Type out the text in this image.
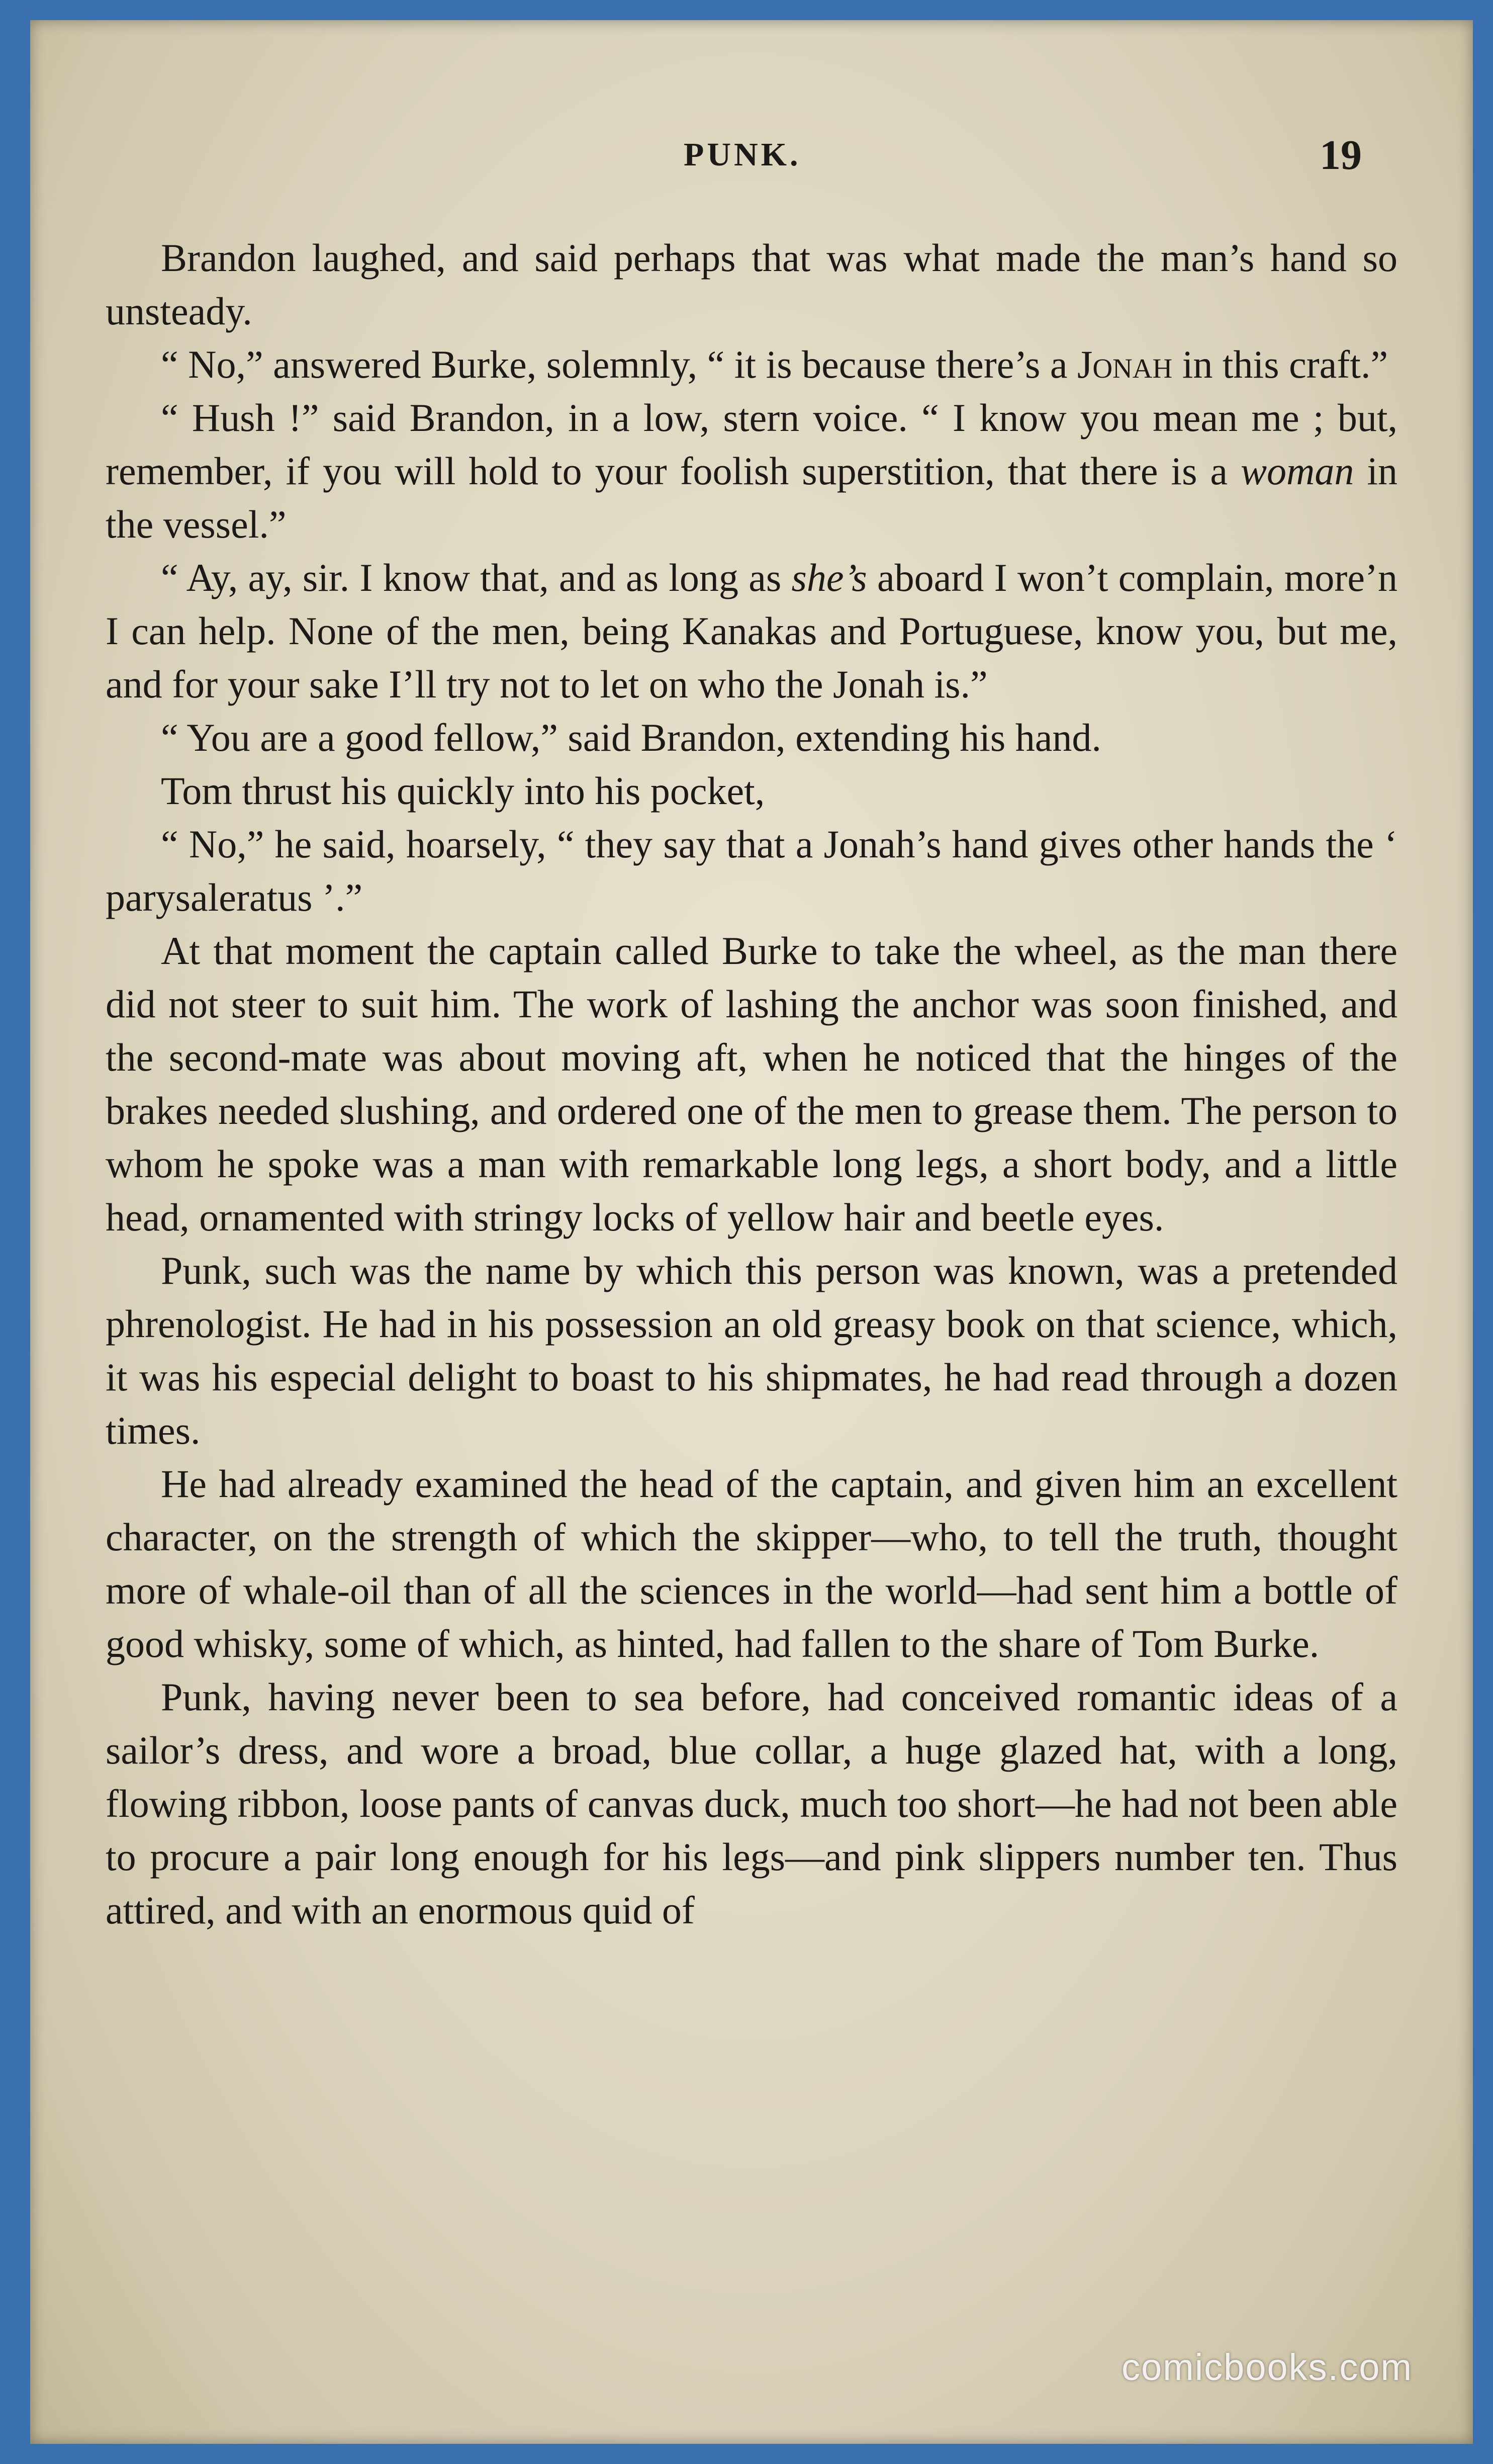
PUNK.	19

Brandon laughed, and said perhaps that was what made the man’s hand so unsteady.

“ No,” answered Burke, solemnly, “ it is because there’s a Jonah in this craft.”

“ Hush !” said Brandon, in a low, stern voice. “ I know you mean me ; but, remember, if you will hold to your foolish superstition, that there is a woman in the vessel.”

“ Ay, ay, sir. I know that, and as long as she’s aboard I won’t complain, more’n I can help. None of the men, being Kanakas and Portuguese, know you, but me, and for your sake I’ll try not to let on who the Jonah is.”

“ You are a good fellow,” said Brandon, extending his hand.

Tom thrust his quickly into his pocket,

“ No,” he said, hoarsely, “ they say that a Jonah’s hand gives other hands the ‘ parysaleratus ’.”

At that moment the captain called Burke to take the wheel, as the man there did not steer to suit him. The work of lashing the anchor was soon finished, and the second-mate was about moving aft, when he noticed that the hinges of the brakes needed slushing, and ordered one of the men to grease them. The person to whom he spoke was a man with remarkable long legs, a short body, and a little head, ornamented with stringy locks of yellow hair and beetle eyes.

Punk, such was the name by which this person was known, was a pretended phrenologist. He had in his possession an old greasy book on that science, which, it was his especial delight to boast to his shipmates, he had read through a dozen times.

He had already examined the head of the captain, and given him an excellent character, on the strength of which the skipper—who, to tell the truth, thought more of whale-oil than of all the sciences in the world—had sent him a bottle of good whisky, some of which, as hinted, had fallen to the share of Tom Burke.

Punk, having never been to sea before, had conceived romantic ideas of a sailor’s dress, and wore a broad, blue collar, a huge glazed hat, with a long, flowing ribbon, loose pants of canvas duck, much too short—he had not been able to procure a pair long enough for his legs—and pink slippers number ten. Thus attired, and with an enormous quid of

comicbooks.com
